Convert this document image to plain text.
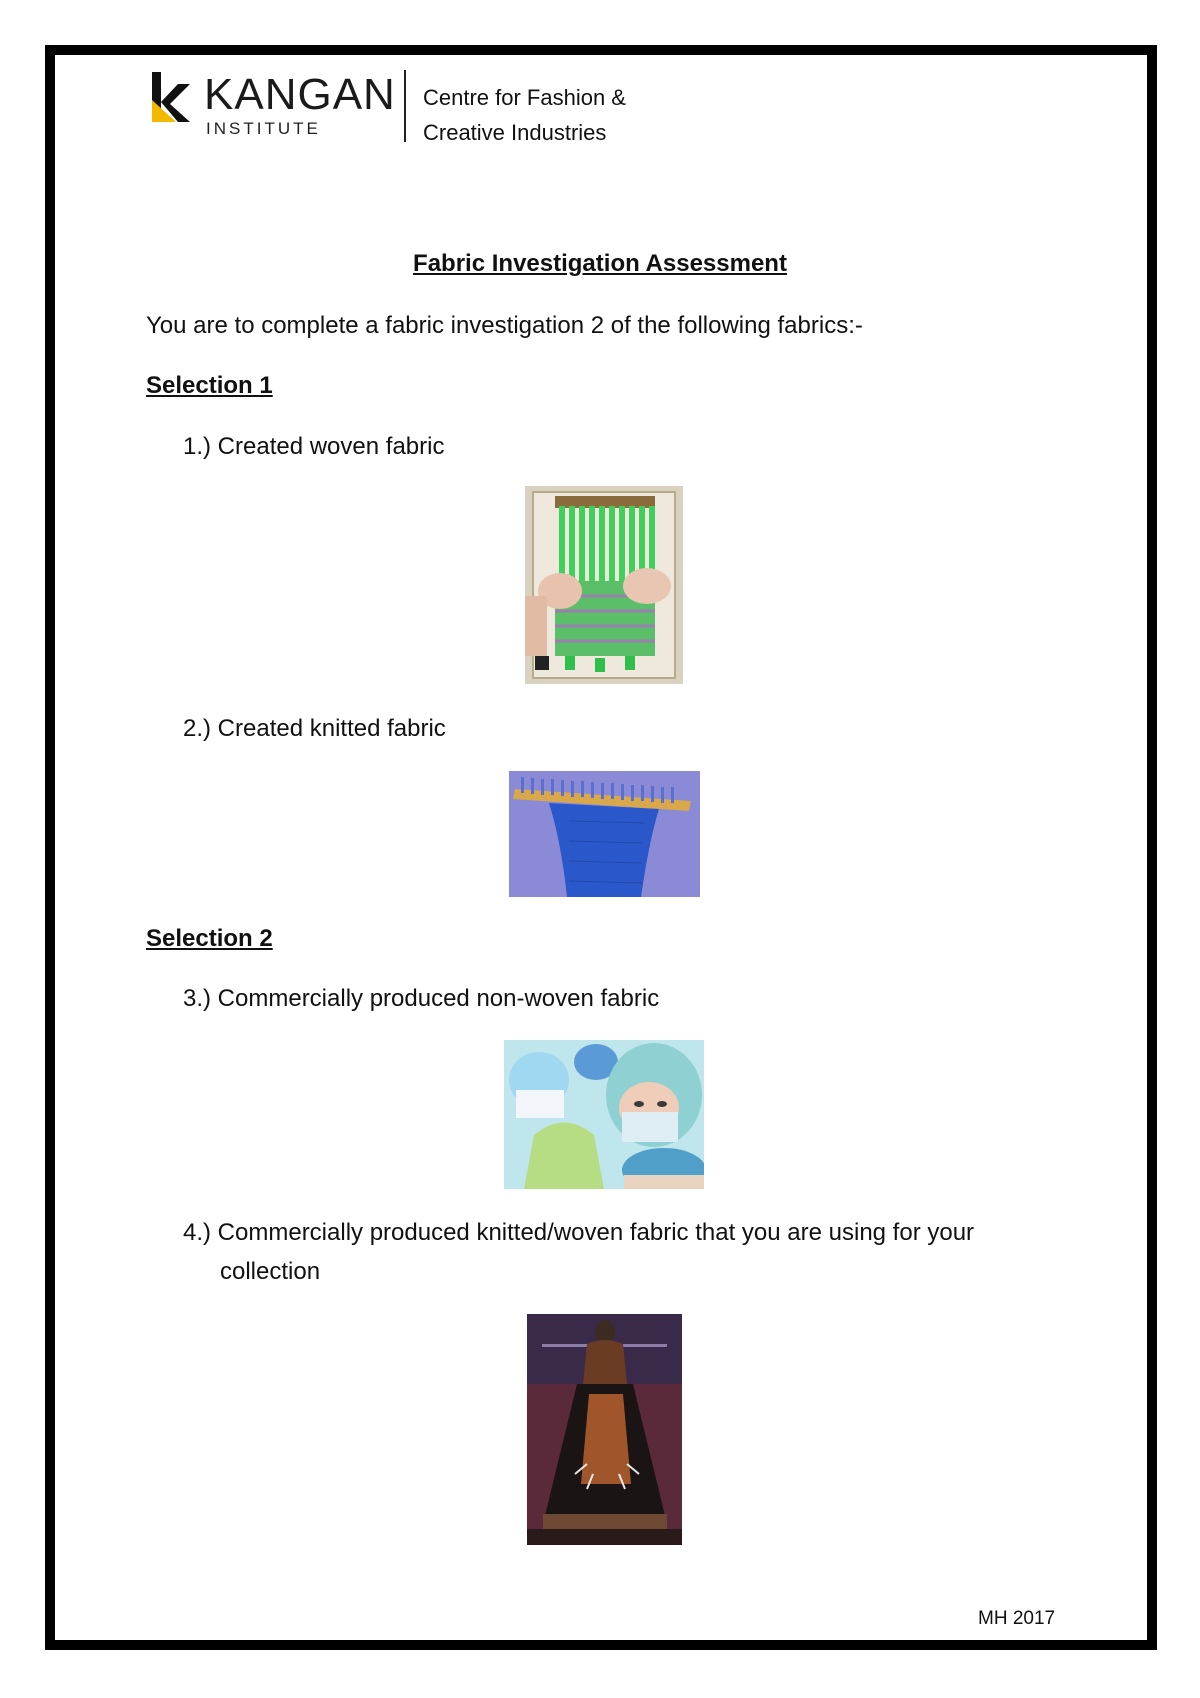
KANGAN
INSTITUTE
Centre for Fashion &
Creative Industries
Fabric Investigation Assessment
You are to complete a fabric investigation 2 of the following fabrics:-
Selection 1
1.) Created woven fabric
2.) Created knitted fabric
Selection 2
3.) Commercially produced non-woven fabric
4.) Commercially produced knitted/woven fabric that you are using for your
collection
MH 2017
